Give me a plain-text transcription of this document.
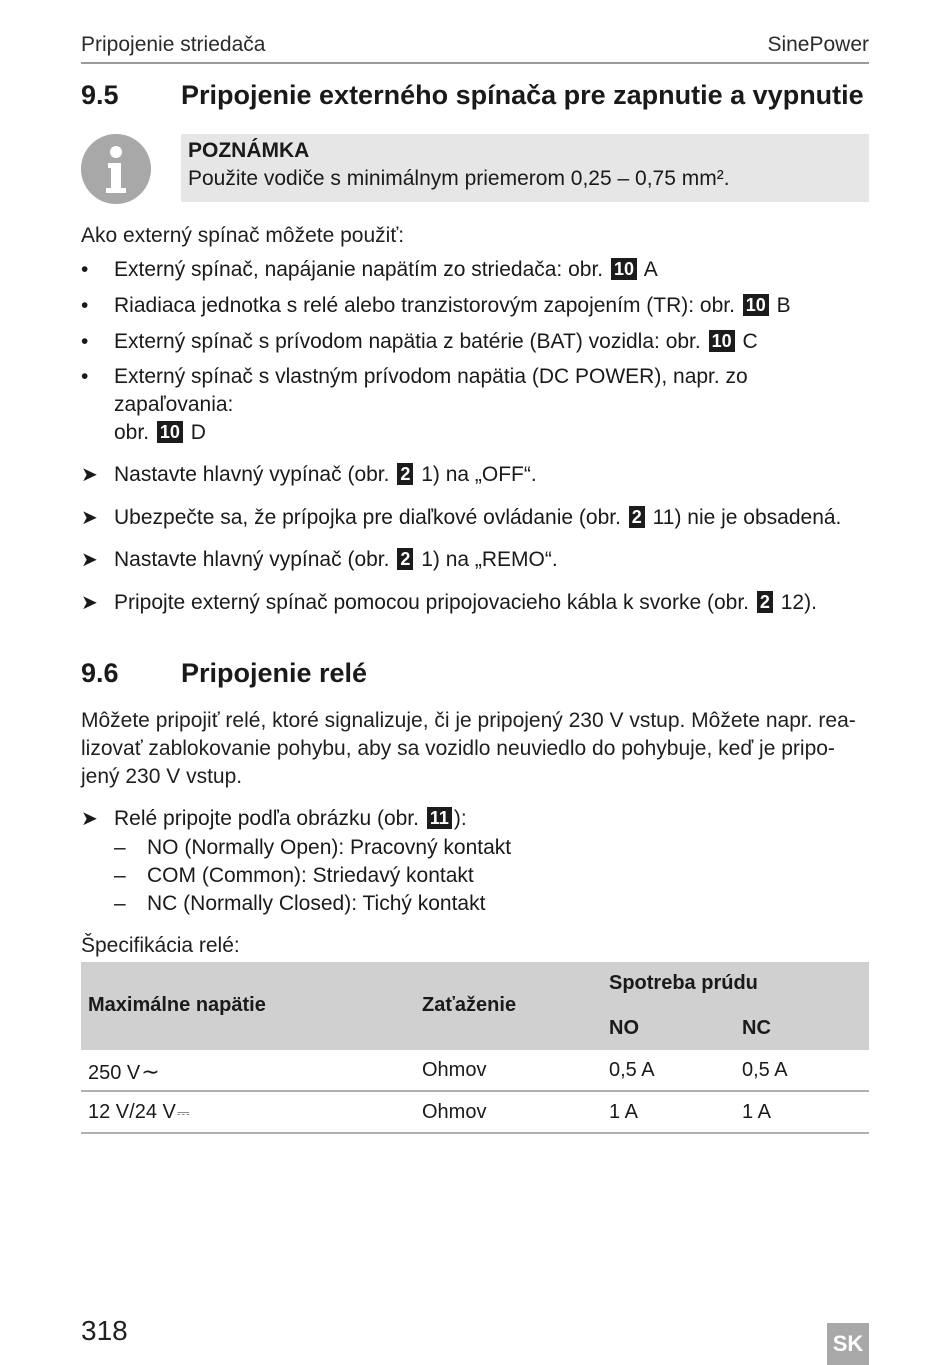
Pripojenie striedača	SinePower
9.5 Pripojenie externého spínača pre zapnutie a vypnutie
POZNÁMKA
Použite vodiče s minimálnym priemerom 0,25 – 0,75 mm².
Ako externý spínač môžete použiť:
• Externý spínač, napájanie napätím zo striedača: obr. 10 A
• Riadiaca jednotka s relé alebo tranzistorovým zapojením (TR): obr. 10 B
• Externý spínač s prívodom napätia z batérie (BAT) vozidla: obr. 10 C
• Externý spínač s vlastným prívodom napätia (DC POWER), napr. zo zapaľovania:
obr. 10 D
➤ Nastavte hlavný vypínač (obr. 2 1) na „OFF“.
➤ Ubezpečte sa, že prípojka pre diaľkové ovládanie (obr. 2 11) nie je obsadená.
➤ Nastavte hlavný vypínač (obr. 2 1) na „REMO“.
➤ Pripojte externý spínač pomocou pripojovacieho kábla k svorke (obr. 2 12).
9.6 Pripojenie relé
Môžete pripojiť relé, ktoré signalizuje, či je pripojený 230 V vstup. Môžete napr. rea-
lizovať zablokovanie pohybu, aby sa vozidlo neuviedlo do pohybuje, keď je pripo-
jený 230 V vstup.
➤ Relé pripojte podľa obrázku (obr. 11 ):
– NO (Normally Open): Pracovný kontakt
– COM (Common): Striedavý kontakt
– NC (Normally Closed): Tichý kontakt
Špecifikácia relé:
Maximálne napätie	Zaťaženie
Spotreba prúdu
NO	NC
250 V∼	Ohmov	0,5 A	0,5 A
12 V/24 V⎓	Ohmov	1 A	1 A
318	SK
